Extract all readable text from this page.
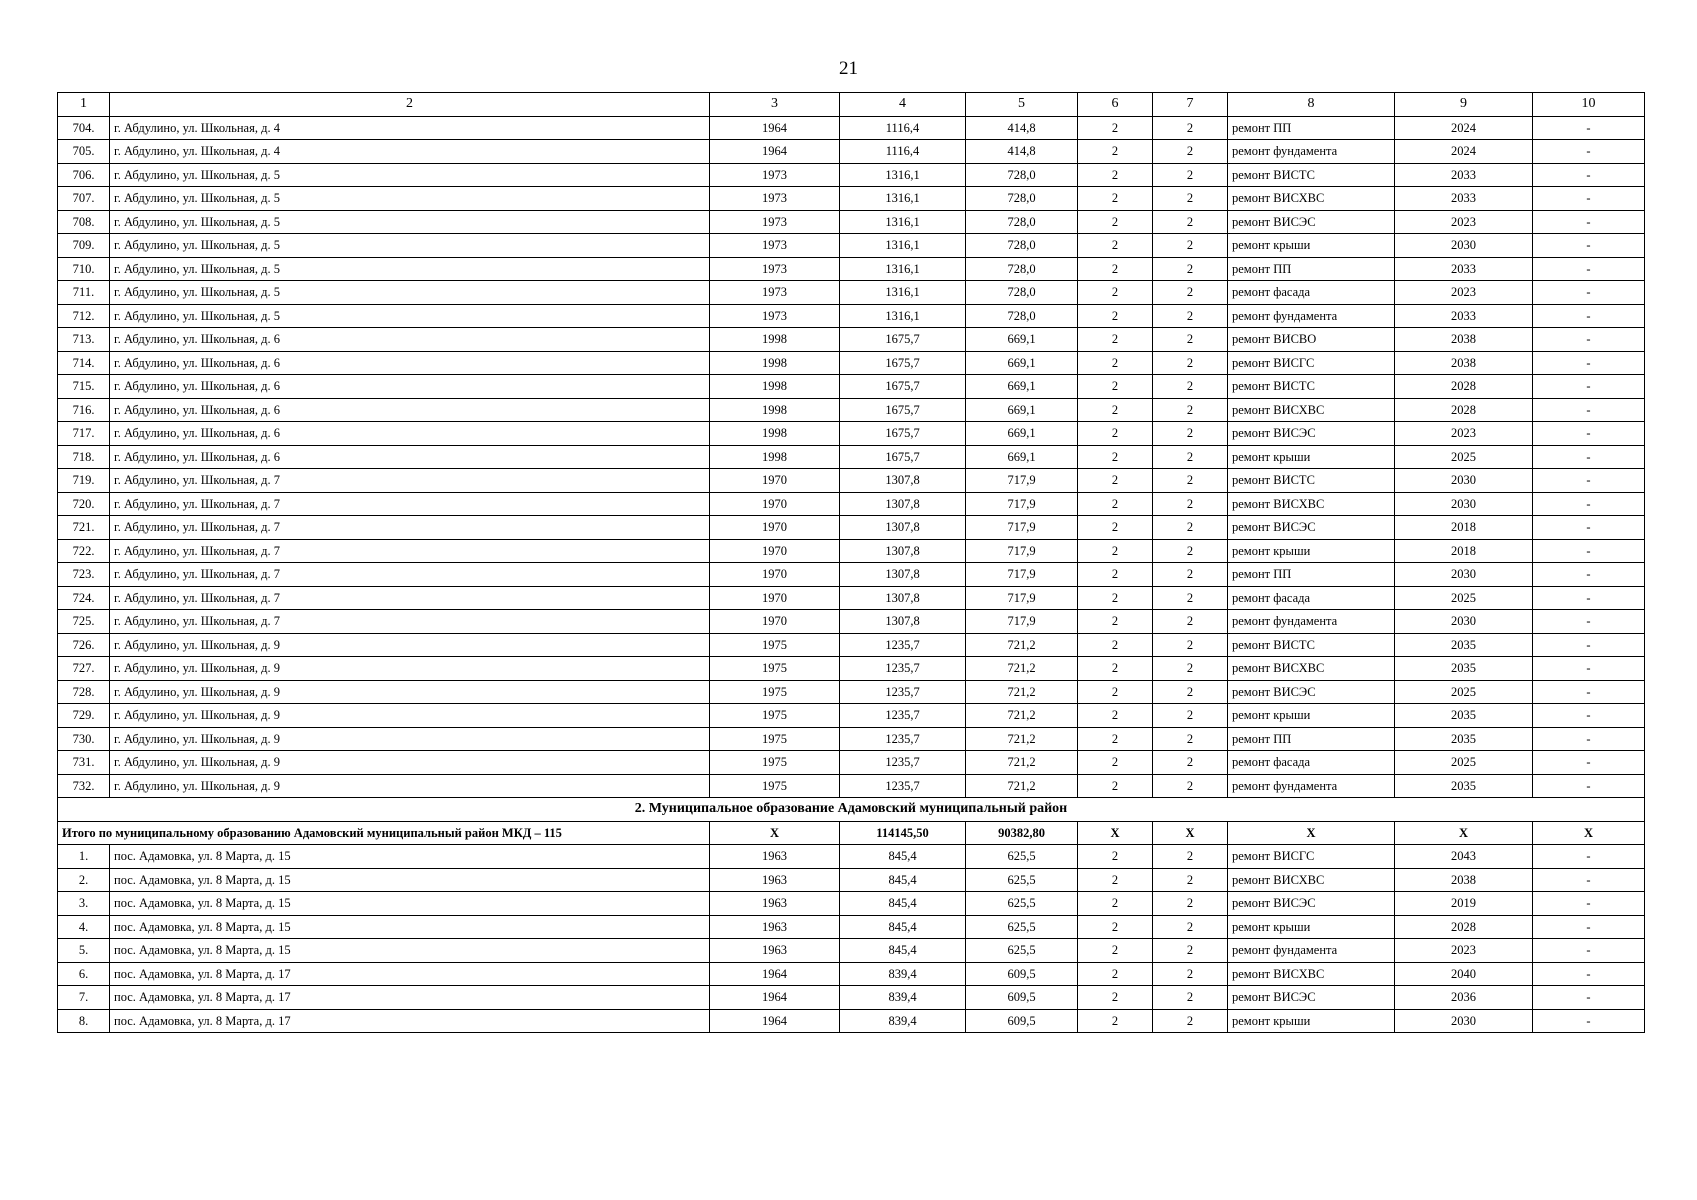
21
1	2	3	4	5	6	7	8	9	10
704.	г. Абдулино, ул. Школьная, д. 4	1964	1116,4	414,8	2	2	ремонт ПП	2024	-
705.	г. Абдулино, ул. Школьная, д. 4	1964	1116,4	414,8	2	2	ремонт фундамента	2024	-
706.	г. Абдулино, ул. Школьная, д. 5	1973	1316,1	728,0	2	2	ремонт ВИСТС	2033	-
707.	г. Абдулино, ул. Школьная, д. 5	1973	1316,1	728,0	2	2	ремонт ВИСХВС	2033	-
708.	г. Абдулино, ул. Школьная, д. 5	1973	1316,1	728,0	2	2	ремонт ВИСЭС	2023	-
709.	г. Абдулино, ул. Школьная, д. 5	1973	1316,1	728,0	2	2	ремонт крыши	2030	-
710.	г. Абдулино, ул. Школьная, д. 5	1973	1316,1	728,0	2	2	ремонт ПП	2033	-
711.	г. Абдулино, ул. Школьная, д. 5	1973	1316,1	728,0	2	2	ремонт фасада	2023	-
712.	г. Абдулино, ул. Школьная, д. 5	1973	1316,1	728,0	2	2	ремонт фундамента	2033	-
713.	г. Абдулино, ул. Школьная, д. 6	1998	1675,7	669,1	2	2	ремонт ВИСВО	2038	-
714.	г. Абдулино, ул. Школьная, д. 6	1998	1675,7	669,1	2	2	ремонт ВИСГС	2038	-
715.	г. Абдулино, ул. Школьная, д. 6	1998	1675,7	669,1	2	2	ремонт ВИСТС	2028	-
716.	г. Абдулино, ул. Школьная, д. 6	1998	1675,7	669,1	2	2	ремонт ВИСХВС	2028	-
717.	г. Абдулино, ул. Школьная, д. 6	1998	1675,7	669,1	2	2	ремонт ВИСЭС	2023	-
718.	г. Абдулино, ул. Школьная, д. 6	1998	1675,7	669,1	2	2	ремонт крыши	2025	-
719.	г. Абдулино, ул. Школьная, д. 7	1970	1307,8	717,9	2	2	ремонт ВИСТС	2030	-
720.	г. Абдулино, ул. Школьная, д. 7	1970	1307,8	717,9	2	2	ремонт ВИСХВС	2030	-
721.	г. Абдулино, ул. Школьная, д. 7	1970	1307,8	717,9	2	2	ремонт ВИСЭС	2018	-
722.	г. Абдулино, ул. Школьная, д. 7	1970	1307,8	717,9	2	2	ремонт крыши	2018	-
723.	г. Абдулино, ул. Школьная, д. 7	1970	1307,8	717,9	2	2	ремонт ПП	2030	-
724.	г. Абдулино, ул. Школьная, д. 7	1970	1307,8	717,9	2	2	ремонт фасада	2025	-
725.	г. Абдулино, ул. Школьная, д. 7	1970	1307,8	717,9	2	2	ремонт фундамента	2030	-
726.	г. Абдулино, ул. Школьная, д. 9	1975	1235,7	721,2	2	2	ремонт ВИСТС	2035	-
727.	г. Абдулино, ул. Школьная, д. 9	1975	1235,7	721,2	2	2	ремонт ВИСХВС	2035	-
728.	г. Абдулино, ул. Школьная, д. 9	1975	1235,7	721,2	2	2	ремонт ВИСЭС	2025	-
729.	г. Абдулино, ул. Школьная, д. 9	1975	1235,7	721,2	2	2	ремонт крыши	2035	-
730.	г. Абдулино, ул. Школьная, д. 9	1975	1235,7	721,2	2	2	ремонт ПП	2035	-
731.	г. Абдулино, ул. Школьная, д. 9	1975	1235,7	721,2	2	2	ремонт фасада	2025	-
732.	г. Абдулино, ул. Школьная, д. 9	1975	1235,7	721,2	2	2	ремонт фундамента	2035	-
2. Муниципальное образование Адамовский муниципальный район									
Итого по муниципальному образованию Адамовский муниципальный район МКД – 115		Х	114145,50	90382,80	Х	Х	Х	Х	Х
1.	пос. Адамовка, ул. 8 Марта, д. 15	1963	845,4	625,5	2	2	ремонт ВИСГС	2043	-
2.	пос. Адамовка, ул. 8 Марта, д. 15	1963	845,4	625,5	2	2	ремонт ВИСХВС	2038	-
3.	пос. Адамовка, ул. 8 Марта, д. 15	1963	845,4	625,5	2	2	ремонт ВИСЭС	2019	-
4.	пос. Адамовка, ул. 8 Марта, д. 15	1963	845,4	625,5	2	2	ремонт крыши	2028	-
5.	пос. Адамовка, ул. 8 Марта, д. 15	1963	845,4	625,5	2	2	ремонт фундамента	2023	-
6.	пос. Адамовка, ул. 8 Марта, д. 17	1964	839,4	609,5	2	2	ремонт ВИСХВС	2040	-
7.	пос. Адамовка, ул. 8 Марта, д. 17	1964	839,4	609,5	2	2	ремонт ВИСЭС	2036	-
8.	пос. Адамовка, ул. 8 Марта, д. 17	1964	839,4	609,5	2	2	ремонт крыши	2030	-
